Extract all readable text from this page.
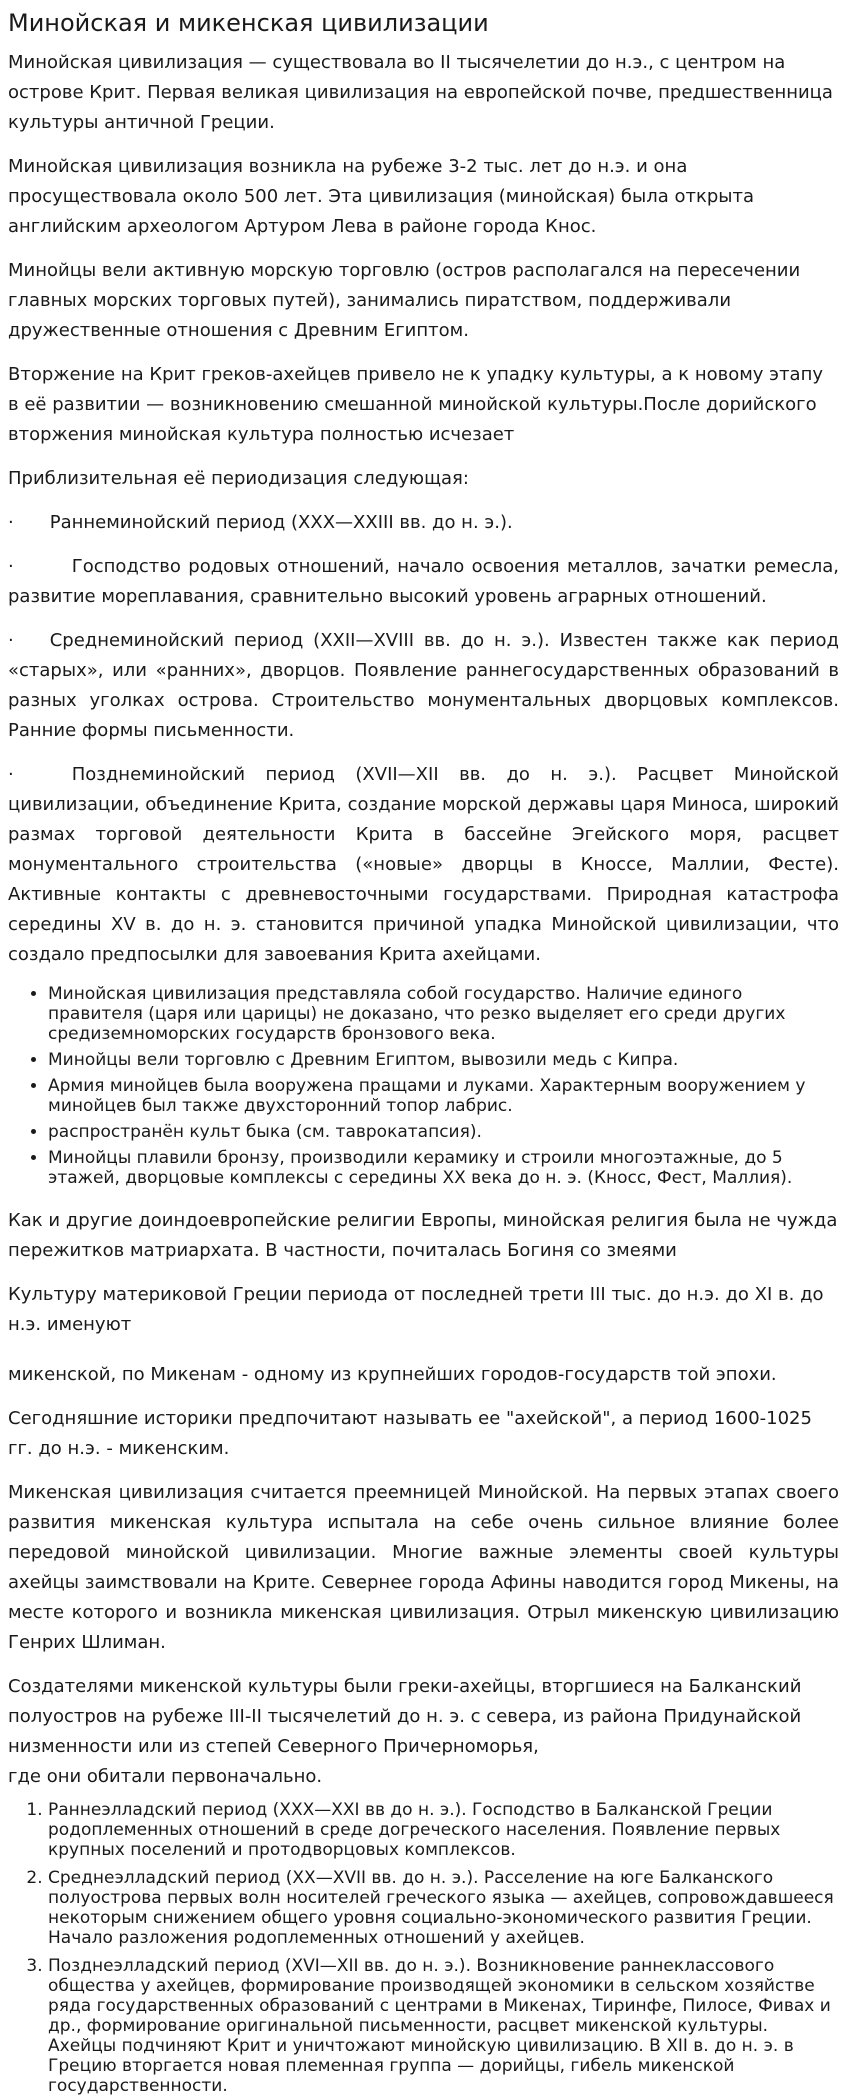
Минойская и микенская цивилизации

Минойская цивилизация — существовала во II тысячелетии до н.э., с центром на острове Крит. Первая великая цивилизация на европейской почве, предшественница культуры античной Греции.

Минойская цивилизация возникла на рубеже 3-2 тыс. лет до н.э. и она просуществовала около 500 лет. Эта цивилизация (минойская) была открыта английским археологом Артуром Лева в районе города Кнос.

Минойцы вели активную морскую торговлю (остров располагался на пересечении главных морских торговых путей), занимались пиратством, поддерживали дружественные отношения с Древним Египтом.

Вторжение на Крит греков-ахейцев привело не к упадку культуры, а к новому этапу в её развитии — возникновению смешанной минойской культуры.После дорийского вторжения минойская культура полностью исчезает

Приблизительная её периодизация следующая:

· Раннеминойский период (XXX—XXIII вв. до н. э.).

·	Господство родовых отношений, начало освоения металлов, зачатки ремесла, развитие мореплавания, сравнительно высокий уровень аграрных отношений.

· Среднеминойский период (XXII—XVIII вв. до н. э.). Известен также как период «старых», или «ранних», дворцов. Появление раннегосударственных образований в разных уголках острова. Строительство монументальных дворцовых комплексов. Ранние формы письменности.

·	Позднеминойский период (XVII—XII вв. до н. э.). Расцвет Минойской цивилизации, объединение Крита, создание морской державы царя Миноса, широкий размах торговой деятельности Крита в бассейне Эгейского моря, расцвет монументального строительства («новые» дворцы в Кноссе, Маллии, Фесте). Активные контакты с древневосточными государствами. Природная катастрофа середины XV в. до н. э. становится причиной упадка Минойской цивилизации, что создало предпосылки для завоевания Крита ахейцами.

• Минойская цивилизация представляла собой государство. Наличие единого правителя (царя или царицы) не доказано, что резко выделяет его среди других средиземноморских государств бронзового века.
• Минойцы вели торговлю с Древним Египтом, вывозили медь с Кипра.
• Армия минойцев была вооружена пращами и луками. Характерным вооружением у минойцев был также двухсторонний топор лабрис.
• распространён культ быка (см. таврокатапсия).
• Минойцы плавили бронзу, производили керамику и строили многоэтажные, до 5 этажей, дворцовые комплексы с середины XX века до н. э. (Кносс, Фест, Маллия).

Как и другие доиндоевропейские религии Европы, минойская религия была не чужда пережитков матриархата. В частности, почиталась Богиня со змеями

Культуру материковой Греции периода от последней трети III тыс. до н.э. до XI в. до н.э. именуют

микенской, по Микенам - одному из крупнейших городов-государств той эпохи.

Сегодняшние историки предпочитают называть ее "ахейской", а период 1600-1025 гг. до н.э. - микенским.

Микенская цивилизация считается преемницей Минойской. На первых этапах своего развития микенская культура испытала на себе очень сильное влияние более передовой минойской цивилизации. Многие важные элементы своей культуры ахейцы заимствовали на Крите. Севернее города Афины наводится город Микены, на месте которого и возникла микенская цивилизация. Отрыл микенскую цивилизацию Генрих Шлиман.

Создателями микенской культуры были греки-ахейцы, вторгшиеся на Балканский полуостров на рубеже III-II тысячелетий до н. э. с севера, из района Придунайской низменности или из степей Северного Причерноморья,

где они обитали первоначально.

1. Раннеэлладский период (XXX—XXI вв до н. э.). Господство в Балканской Греции родоплеменных отношений в среде догреческого населения. Появление первых крупных поселений и протодворцовых комплексов.
2. Среднеэлладский период (XX—XVII вв. до н. э.). Расселение на юге Балканского полуострова первых волн носителей греческого языка — ахейцев, сопровождавшееся некоторым снижением общего уровня социально-экономического развития Греции. Начало разложения родоплеменных отношений у ахейцев.
3. Позднеэлладский период (XVI—XII вв. до н. э.). Возникновение раннеклассового общества у ахейцев, формирование производящей экономики в сельском хозяйстве ряда государственных образований с центрами в Микенах, Тиринфе, Пилосе, Фивах и др., формирование оригинальной письменности, расцвет микенской культуры. Ахейцы подчиняют Крит и уничтожают минойскую цивилизацию. В XII в. до н. э. в Грецию вторгается новая племенная группа — дорийцы, гибель микенской государственности.
